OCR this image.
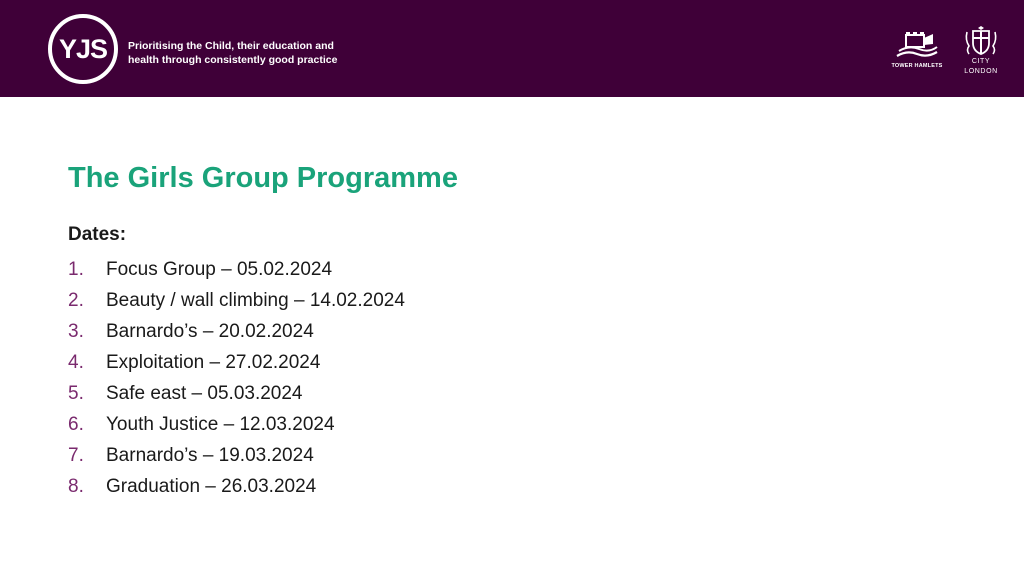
YJS Prioritising the Child, their education and
health through consistently good practice	TOWER HAMLETS
CITY
LONDON
The Girls Group Programme
Dates:
1.	Focus Group – 05.02.2024
2.	Beauty / wall climbing – 14.02.2024
3.	Barnardo’s – 20.02.2024
4.	Exploitation – 27.02.2024
5.	Safe east – 05.03.2024
6.	Youth Justice – 12.03.2024
7.	Barnardo’s – 19.03.2024
8.	Graduation – 26.03.2024
